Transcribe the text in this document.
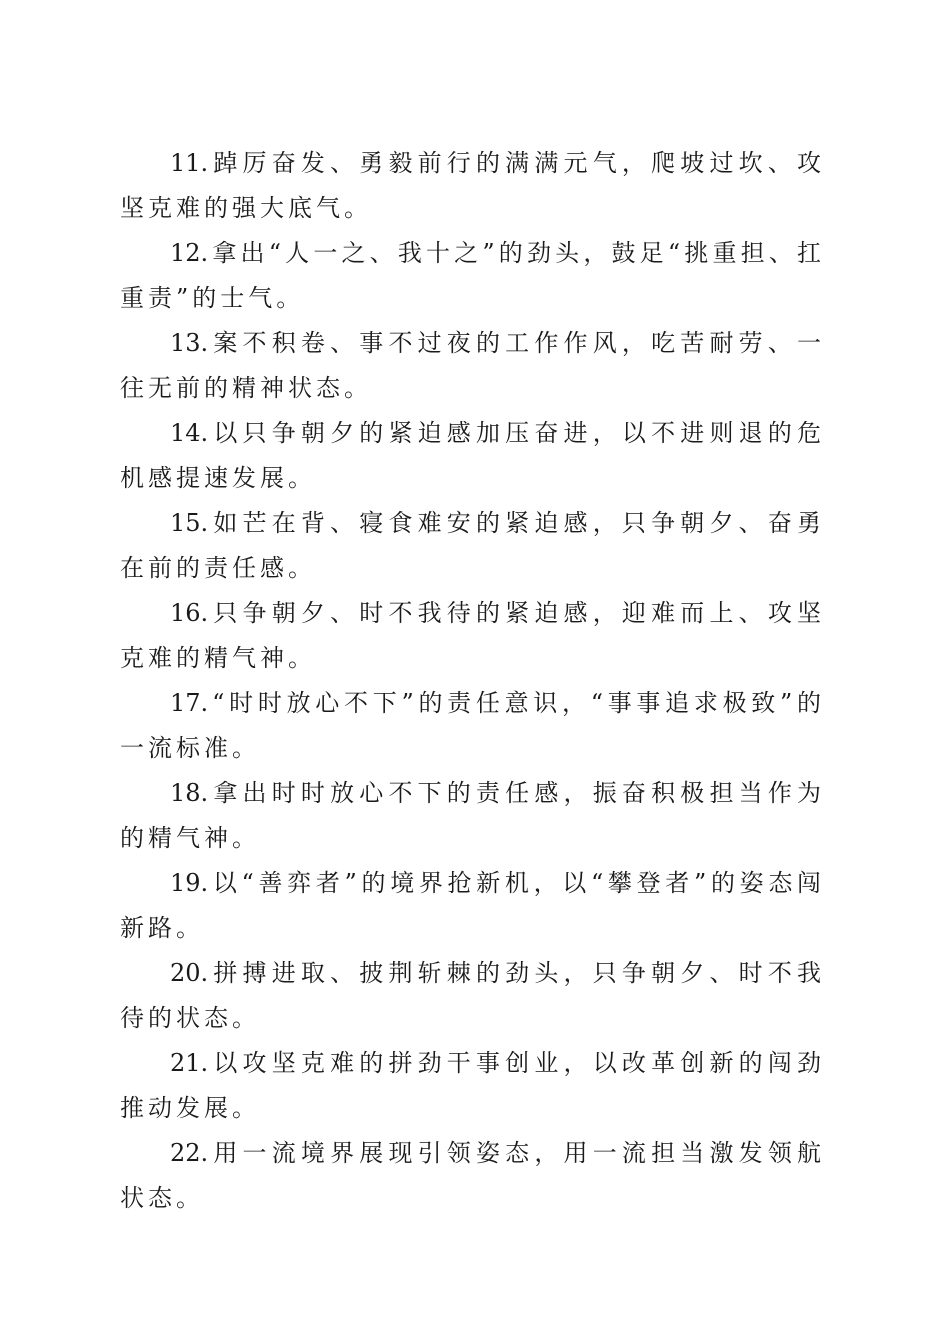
11. 踔厉奋发、勇毅前行的满满元气，爬坡过坎、攻坚克难的强大底气。

12. 拿出“人一之、我十之”的劲头，鼓足“挑重担、扛重责”的士气。

13. 案不积卷、事不过夜的工作作风，吃苦耐劳、一往无前的精神状态。

14. 以只争朝夕的紧迫感加压奋进，以不进则退的危机感提速发展。

15. 如芒在背、寝食难安的紧迫感，只争朝夕、奋勇在前的责任感。

16. 只争朝夕、时不我待的紧迫感，迎难而上、攻坚克难的精气神。

17. “时时放心不下”的责任意识，“事事追求极致”的一流标准。

18. 拿出时时放心不下的责任感，振奋积极担当作为的精气神。

19. 以“善弈者”的境界抢新机，以“攀登者”的姿态闯新路。

20. 拼搏进取、披荆斩棘的劲头，只争朝夕、时不我待的状态。

21. 以攻坚克难的拼劲干事创业，以改革创新的闯劲推动发展。

22. 用一流境界展现引领姿态，用一流担当激发领航状态。
